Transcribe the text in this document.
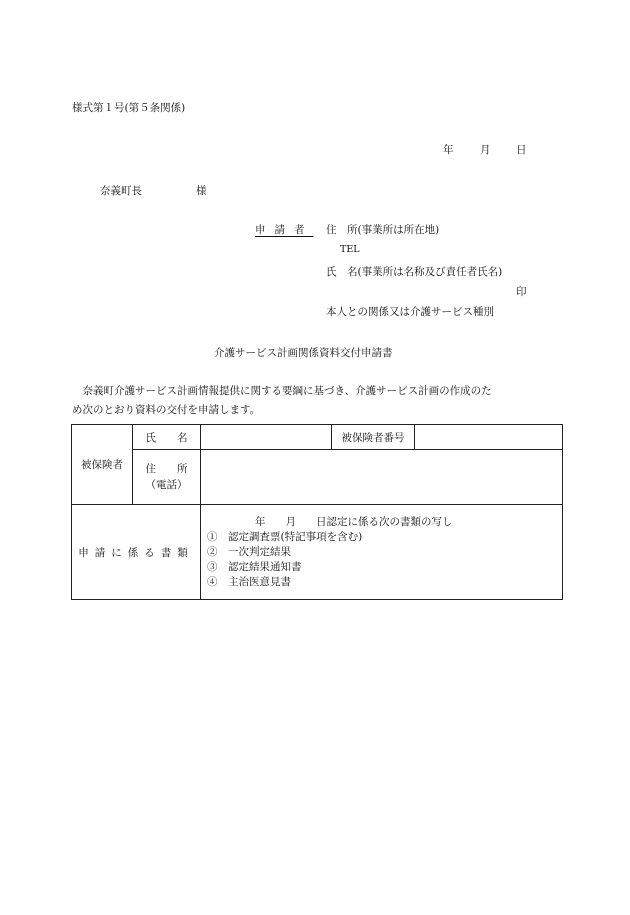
様式第１号(第５条関係)
年	月 日
奈義町長	様
申請者 住　所(事業所は所在地)
TEL
氏　名(事業所は名称及び責任者氏名)
印
本人との関係又は介護サービス種別
介護サービス計画関係資料交付申請書
奈義町介護サービス計画情報提供に関する要綱に基づき、介護サービス計画の作成のた
め次のとおり資料の交付を申請します。
被保険者	氏　　名		被保険者番号	

	住　　所
（電話）			

申請に係る書類		年 月 日認定に係る次の書類の写し
①　認定調査票(特記事項を含む)
②　一次判定結果
③　認定結果通知書
④　主治医意見書		
